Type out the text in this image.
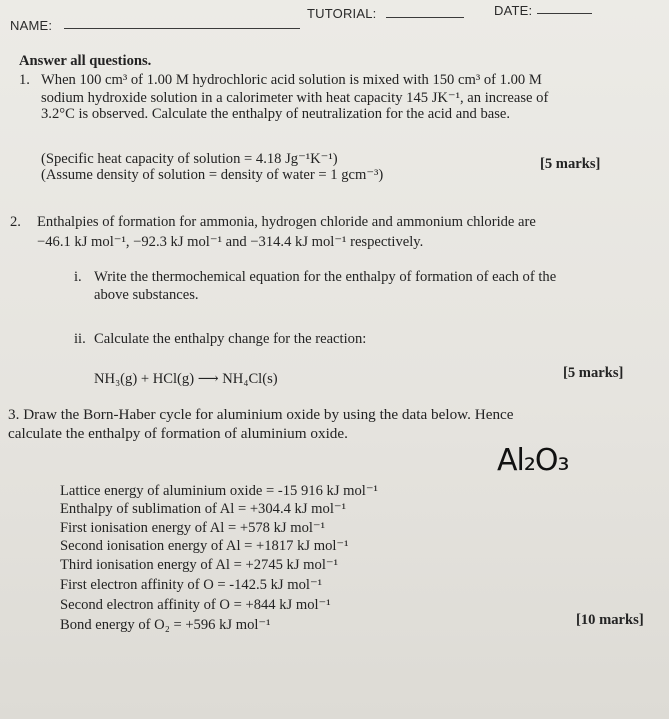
NAME:
TUTORIAL:	DATE:
Answer all questions.
1. When 100 cm³ of 1.00 M hydrochloric acid solution is mixed with 150 cm³ of 1.00 M
sodium hydroxide solution in a calorimeter with heat capacity 145 JK⁻¹, an increase of
3.2°C is observed. Calculate the enthalpy of neutralization for the acid and base.
(Specific heat capacity of solution = 4.18 Jg⁻¹K⁻¹)
(Assume density of solution = density of water = 1 gcm⁻³)
[5 marks]
2. Enthalpies of formation for ammonia, hydrogen chloride and ammonium chloride are
−46.1 kJ mol⁻¹, −92.3 kJ mol⁻¹ and −314.4 kJ mol⁻¹ respectively.
i. Write the thermochemical equation for the enthalpy of formation of each of the
above substances.
ii. Calculate the enthalpy change for the reaction:
NH₃(g) + HCl(g) ⟶ NH₄Cl(s)	[5 marks]
3. Draw the Born-Haber cycle for aluminium oxide by using the data below. Hence
calculate the enthalpy of formation of aluminium oxide.
Al₂O₃
Lattice energy of aluminium oxide = -15 916 kJ mol⁻¹
Enthalpy of sublimation of Al = +304.4 kJ mol⁻¹
First ionisation energy of Al = +578 kJ mol⁻¹
Second ionisation energy of Al = +1817 kJ mol⁻¹
Third ionisation energy of Al = +2745 kJ mol⁻¹
First electron affinity of O = -142.5 kJ mol⁻¹
Second electron affinity of O = +844 kJ mol⁻¹
Bond energy of O₂ = +596 kJ mol⁻¹	[10 marks]
